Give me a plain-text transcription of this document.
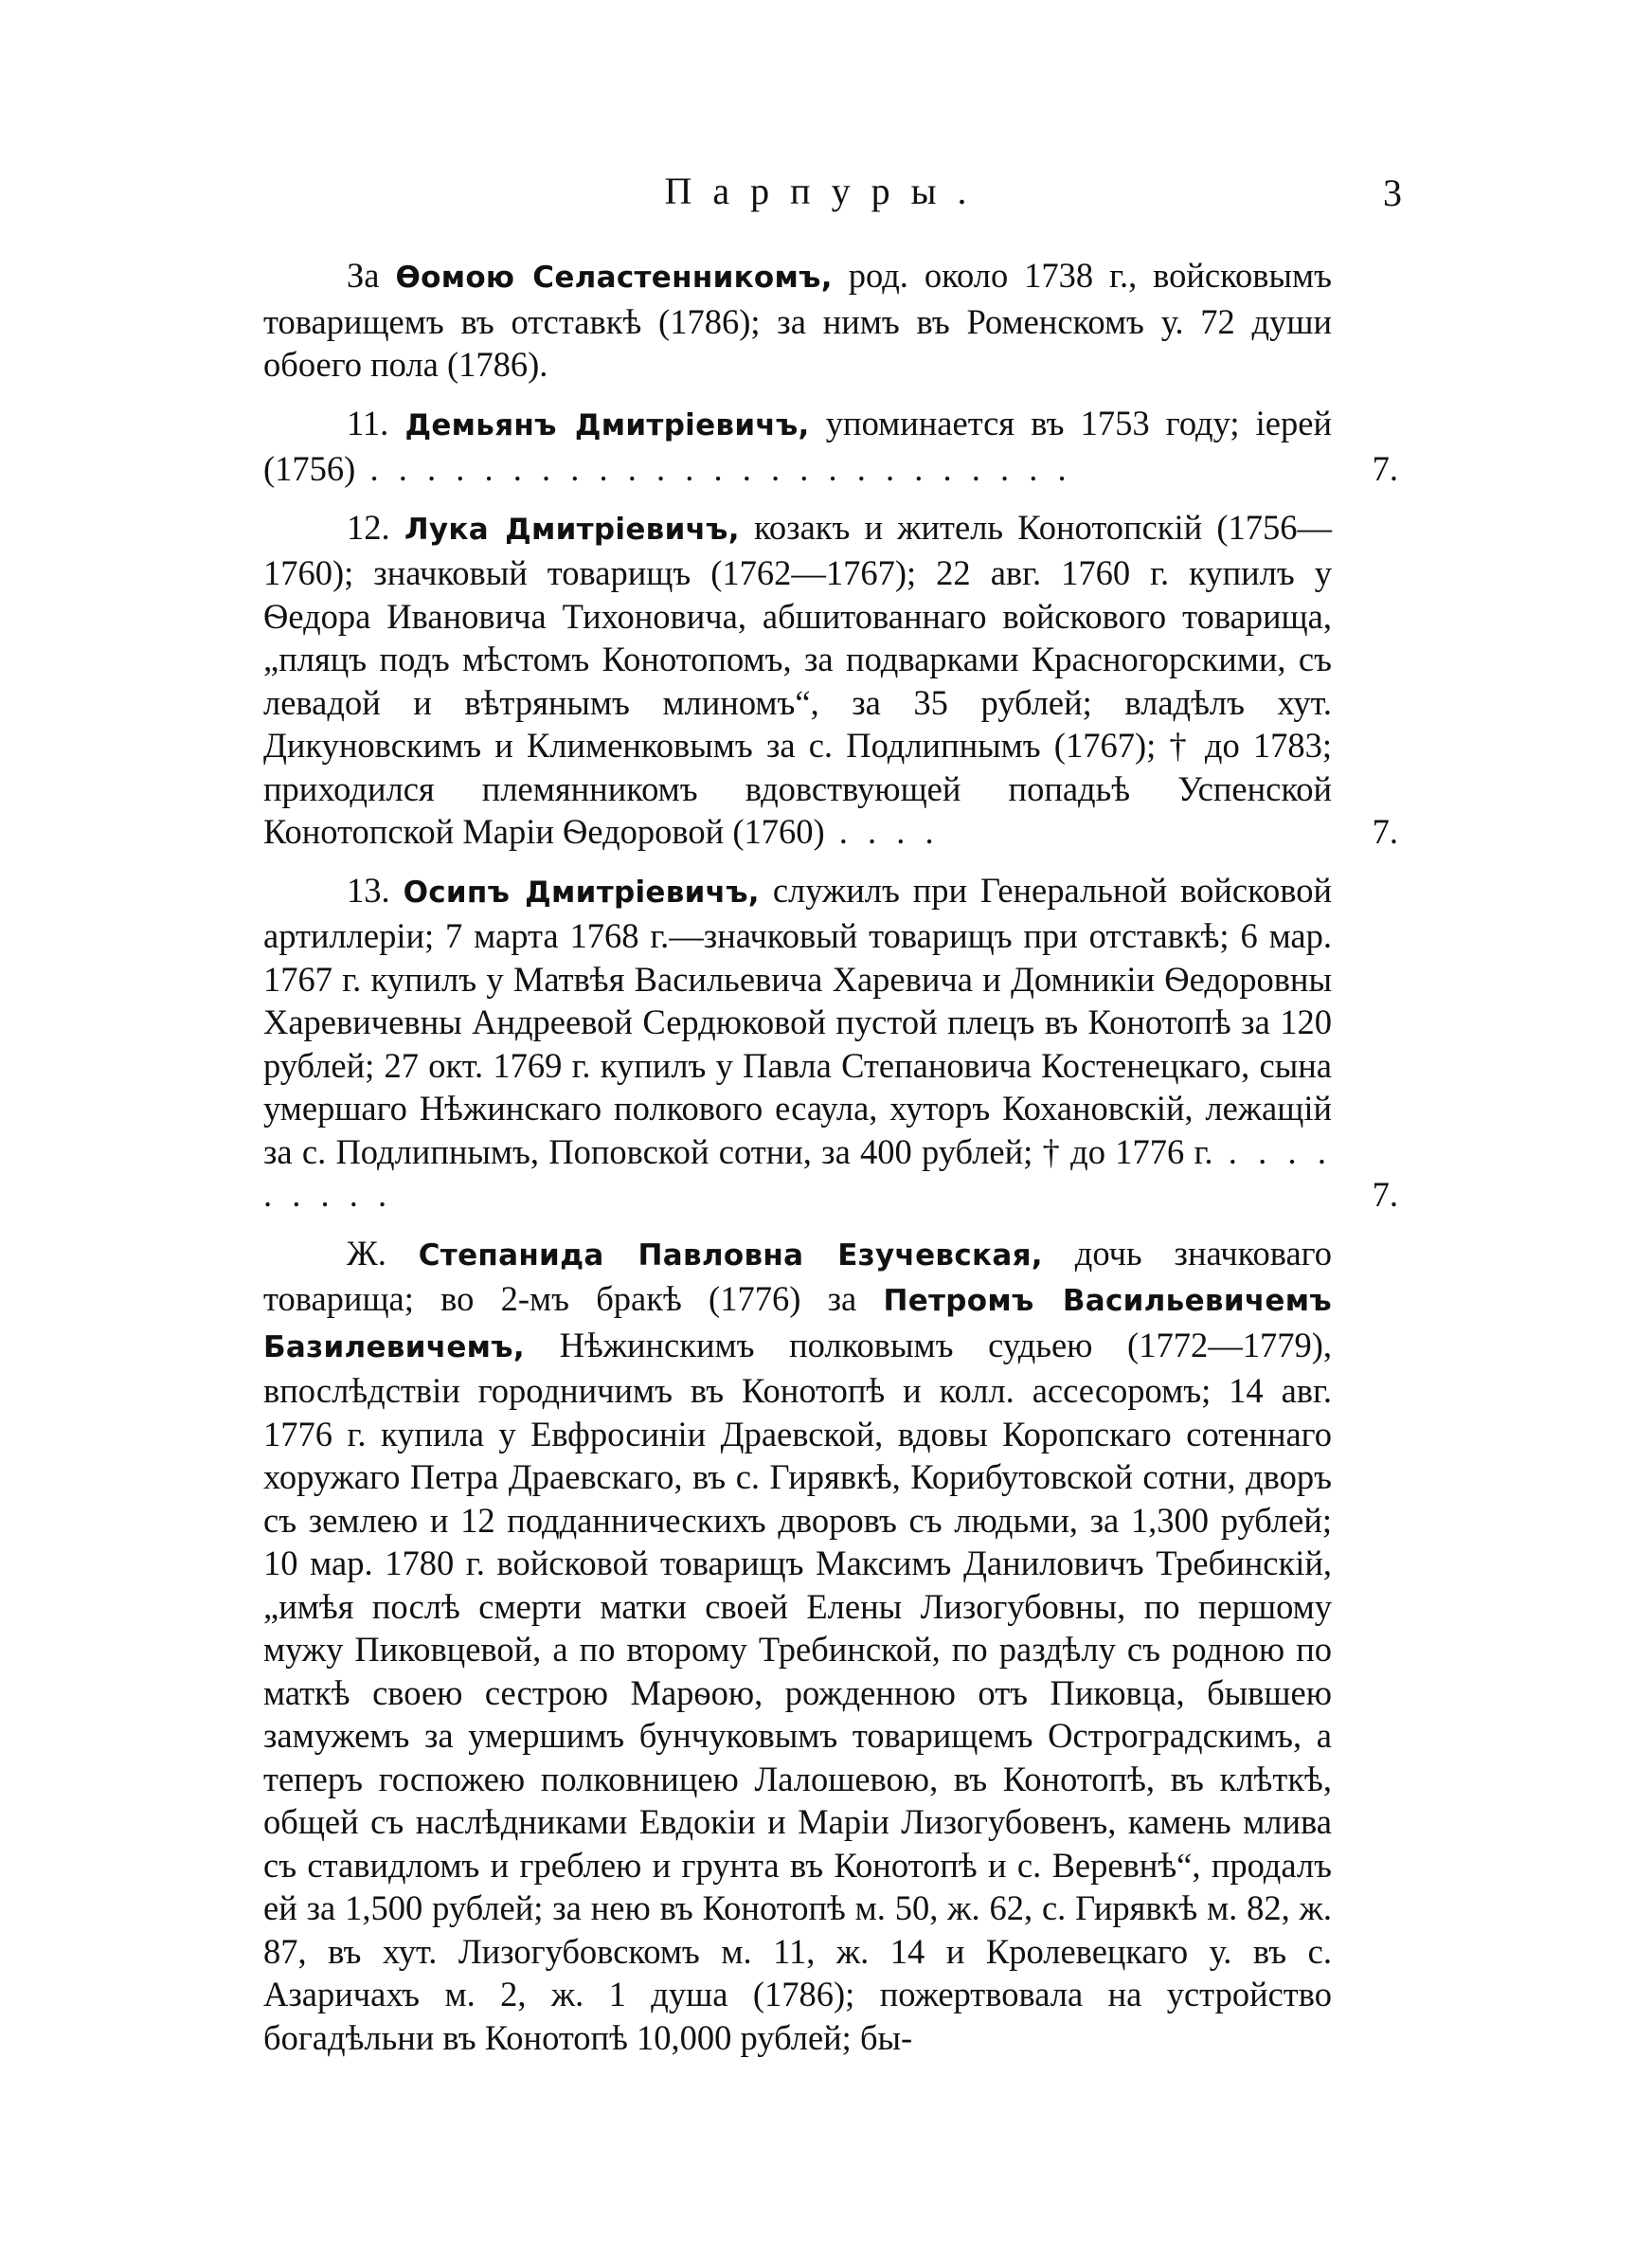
Парпуры.	3

За Ѳомою Селастенникомъ, род. около 1738 г., войсковымъ товарищемъ въ отставкѣ (1786); за нимъ въ Роменскомъ у. 72 души обоего пола (1786).

11. Демьянъ Дмитріевичъ, упоминается въ 1753 году; іерей (1756) . . . . . . . . . . . . . . . . . . . . . . . . .	7.

12. Лука Дмитріевичъ, козакъ и житель Конотопскій (1756—1760); значковый товарищъ (1762—1767); 22 авг. 1760 г. купилъ у Ѳедора Ивановича Тихоновича, абшитованнаго войскового товарища, „пляцъ подъ мѣстомъ Конотопомъ, за подварками Красногорскими, съ левадой и вѣтрянымъ млиномъ“, за 35 рублей; владѣлъ хут. Дикуновскимъ и Клименковымъ за с. Подлипнымъ (1767); † до 1783; приходился племянникомъ вдовствующей попадьѣ Успенской Конотопской Маріи Ѳедоровой (1760) . . . .	7.

13. Осипъ Дмитріевичъ, служилъ при Генеральной войсковой артиллеріи; 7 марта 1768 г.—значковый товарищъ при отставкѣ; 6 мар. 1767 г. купилъ у Матвѣя Васильевича Харевича и Домникіи Ѳедоровны Харевичевны Андреевой Сердюковой пустой плецъ въ Конотопѣ за 120 рублей; 27 окт. 1769 г. купилъ у Павла Степановича Костенецкаго, сына умершаго Нѣжинскаго полкового есаула, хуторъ Кохановскій, лежащій за с. Подлипнымъ, Поповской сотни, за 400 рублей; † до 1776 г. . . . . . . . . .	7.

Ж. Степанида Павловна Езучевская, дочь значковаго товарища; во 2-мъ бракѣ (1776) за Петромъ Васильевичемъ Базилевичемъ, Нѣжинскимъ полковымъ судьею (1772—1779), впослѣдствіи городничимъ въ Конотопѣ и колл. ассесоромъ; 14 авг. 1776 г. купила у Евфросиніи Драевской, вдовы Коропскаго сотеннаго хоружаго Петра Драевскаго, въ с. Гирявкѣ, Корибутовской сотни, дворъ съ землею и 12 подданническихъ дворовъ съ людьми, за 1,300 рублей; 10 мар. 1780 г. войсковой товарищъ Максимъ Даниловичъ Требинскій, „имѣя послѣ смерти матки своей Елены Лизогубовны, по першому мужу Пиковцевой, а по второму Требинской, по раздѣлу съ родною по маткѣ своею сестрою Марѳою, рожденною отъ Пиковца, бывшею замужемъ за умершимъ бунчуковымъ товарищемъ Остроградскимъ, а теперъ госпожею полковницею Лалошевою, въ Конотопѣ, въ клѣткѣ, общей съ наслѣдниками Евдокіи и Маріи Лизогубовенъ, камень млива съ ставидломъ и греблею и грунта въ Конотопѣ и с. Веревнѣ“, продалъ ей за 1,500 рублей; за нею въ Конотопѣ м. 50, ж. 62, с. Гирявкѣ м. 82, ж. 87, въ хут. Лизогубовскомъ м. 11, ж. 14 и Кролевецкаго у. въ с. Азаричахъ м. 2, ж. 1 душа (1786); пожертвовала на устройство богадѣльни въ Конотопѣ 10,000 рублей; бы-
